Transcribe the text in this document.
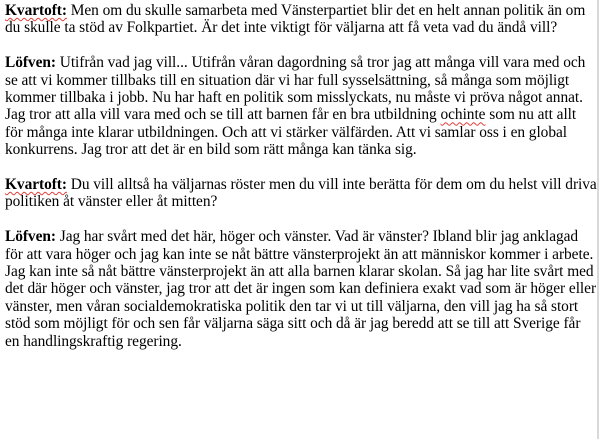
Kvartoft: Men om du skulle samarbeta med Vänsterpartiet blir det en helt annan politik än om du skulle ta stöd av Folkpartiet. Är det inte viktigt för väljarna att få veta vad du ändå vill?

Löfven: Utifrån vad jag vill... Utifrån våran dagordning så tror jag att många vill vara med och se att vi kommer tillbaks till en situation där vi har full sysselsättning, så många som möjligt kommer tillbaka i jobb. Nu har haft en politik som misslyckats, nu måste vi pröva något annat. Jag tror att alla vill vara med och se till att barnen får en bra utbildning ochinte som nu att allt för många inte klarar utbildningen. Och att vi stärker välfärden. Att vi samlar oss i en global konkurrens. Jag tror att det är en bild som rätt många kan tänka sig.

Kvartoft: Du vill alltså ha väljarnas röster men du vill inte berätta för dem om du helst vill driva politiken åt vänster eller åt mitten?

Löfven: Jag har svårt med det här, höger och vänster. Vad är vänster? Ibland blir jag anklagad för att vara höger och jag kan inte se nåt bättre vänsterprojekt än att människor kommer i arbete. Jag kan inte så nåt bättre vänsterprojekt än att alla barnen klarar skolan. Så jag har lite svårt med det där höger och vänster, jag tror att det är ingen som kan definiera exakt vad som är höger eller vänster, men våran socialdemokratiska politik den tar vi ut till väljarna, den vill jag ha så stort stöd som möjligt för och sen får väljarna säga sitt och då är jag beredd att se till att Sverige får en handlingskraftig regering.
